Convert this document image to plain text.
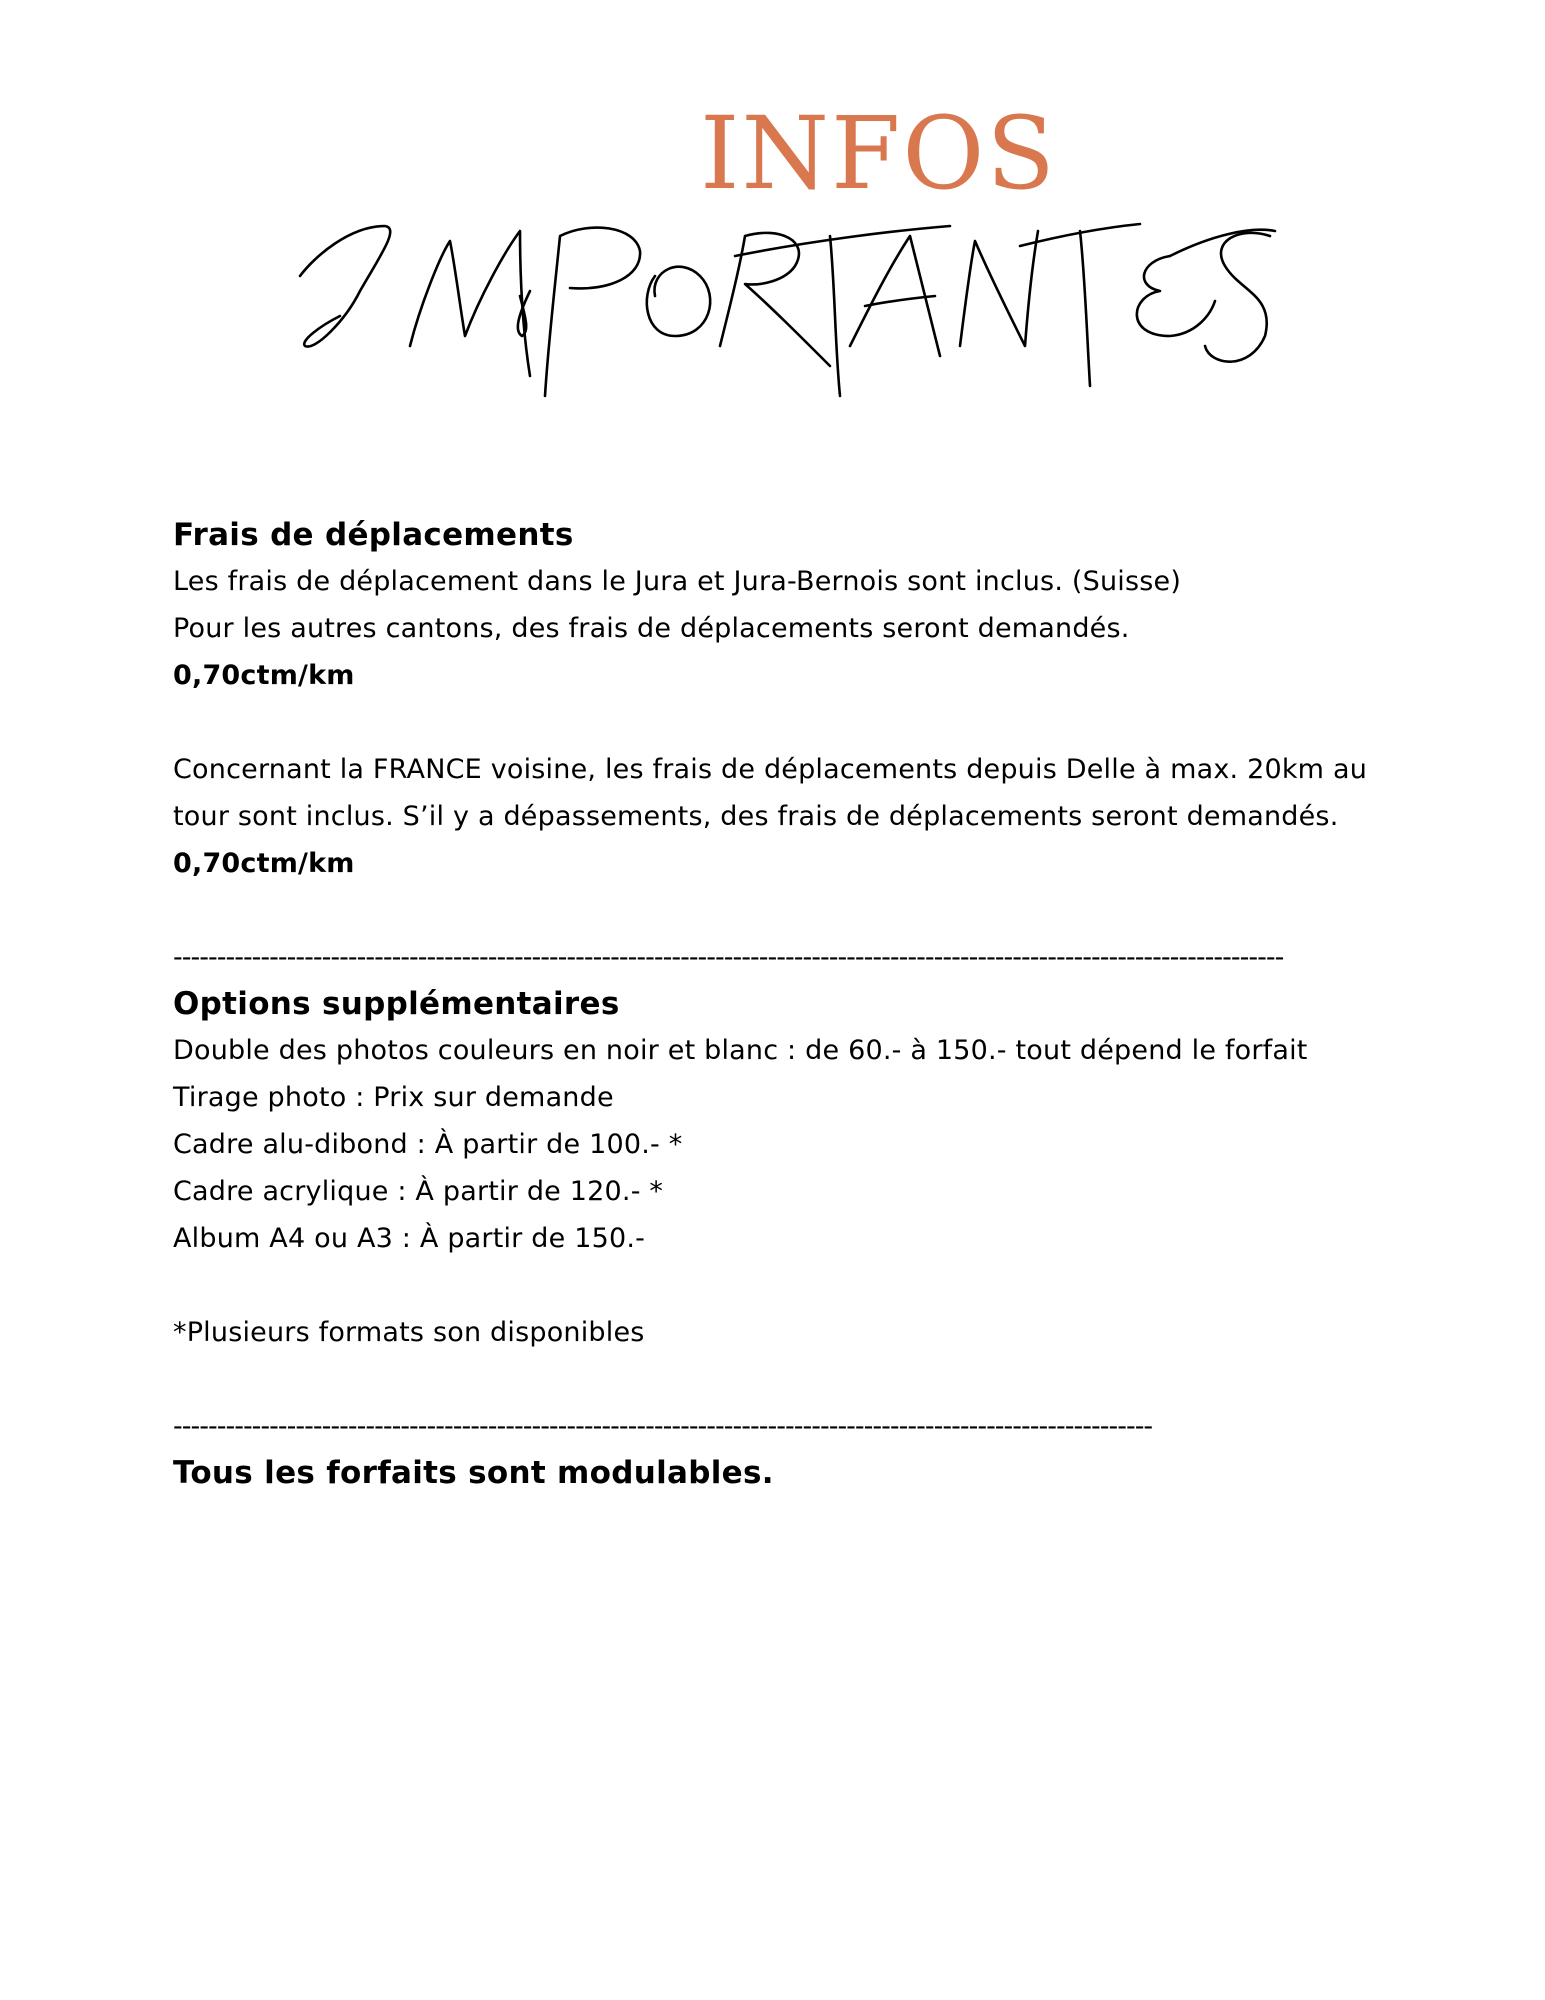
INFOS

Frais de déplacements

Les frais de déplacement dans le Jura et Jura-Bernois sont inclus. (Suisse)

Pour les autres cantons, des frais de déplacements seront demandés.

0,70ctm/km

Concernant la FRANCE voisine, les frais de déplacements depuis Delle à max. 20km au

tour sont inclus. S’il y a dépassements, des frais de déplacements seront demandés.

0,70ctm/km

-------------------------------------------------------------------------------------------------------------------------------

Options supplémentaires

Double des photos couleurs en noir et blanc : de 60.- à 150.- tout dépend le forfait

Tirage photo : Prix sur demande

Cadre alu-dibond : À partir de 100.- *

Cadre acrylique : À partir de 120.- *

Album A4 ou A3 : À partir de 150.-

*Plusieurs formats son disponibles

----------------------------------------------------------------------------------------------------------------

Tous les forfaits sont modulables.
